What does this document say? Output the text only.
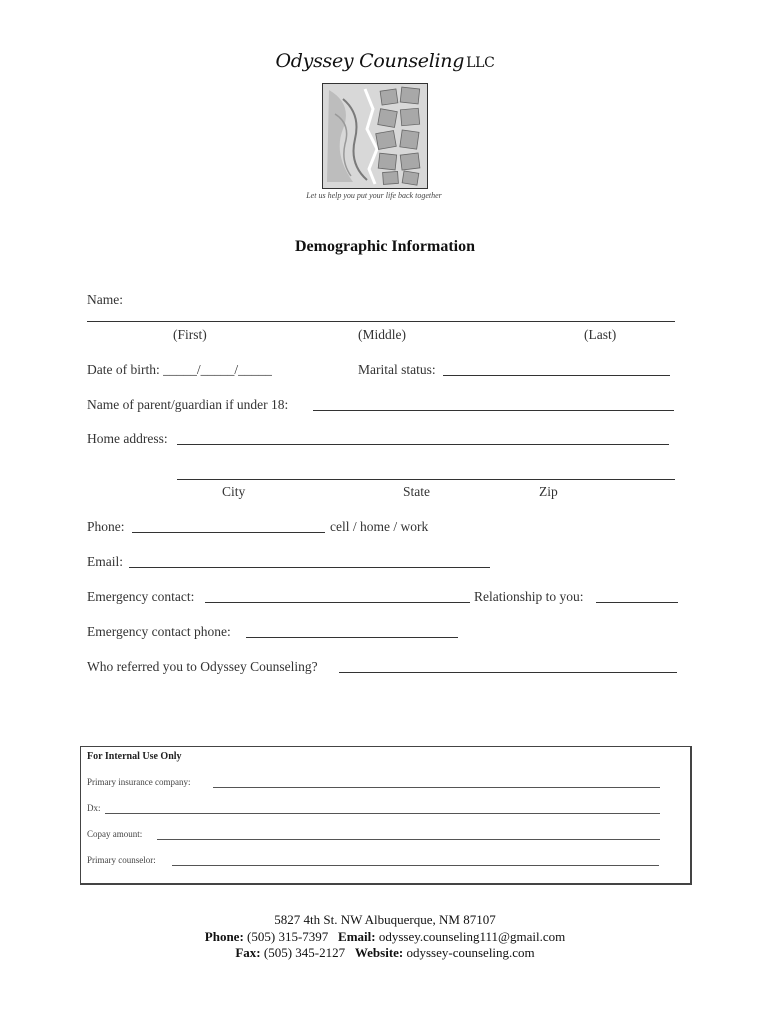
Odyssey Counseling LLC
Let us help you put your life back together
Demographic Information
Name:
(First)	(Middle)	(Last)
Date of birth: _____/_____/_____	Marital status:
Name of parent/guardian if under 18:
Home address:
City	State	Zip
Phone:	cell / home / work
Email:
Emergency contact:	Relationship to you:
Emergency contact phone:
Who referred you to Odyssey Counseling?
For Internal Use Only
Primary insurance company:
Dx:
Copay amount:
Primary counselor:
5827 4th St. NW Albuquerque, NM 87107
Phone: (505) 315-7397 Email: odyssey.counseling111@gmail.com
Fax: (505) 345-2127 Website: odyssey-counseling.com
